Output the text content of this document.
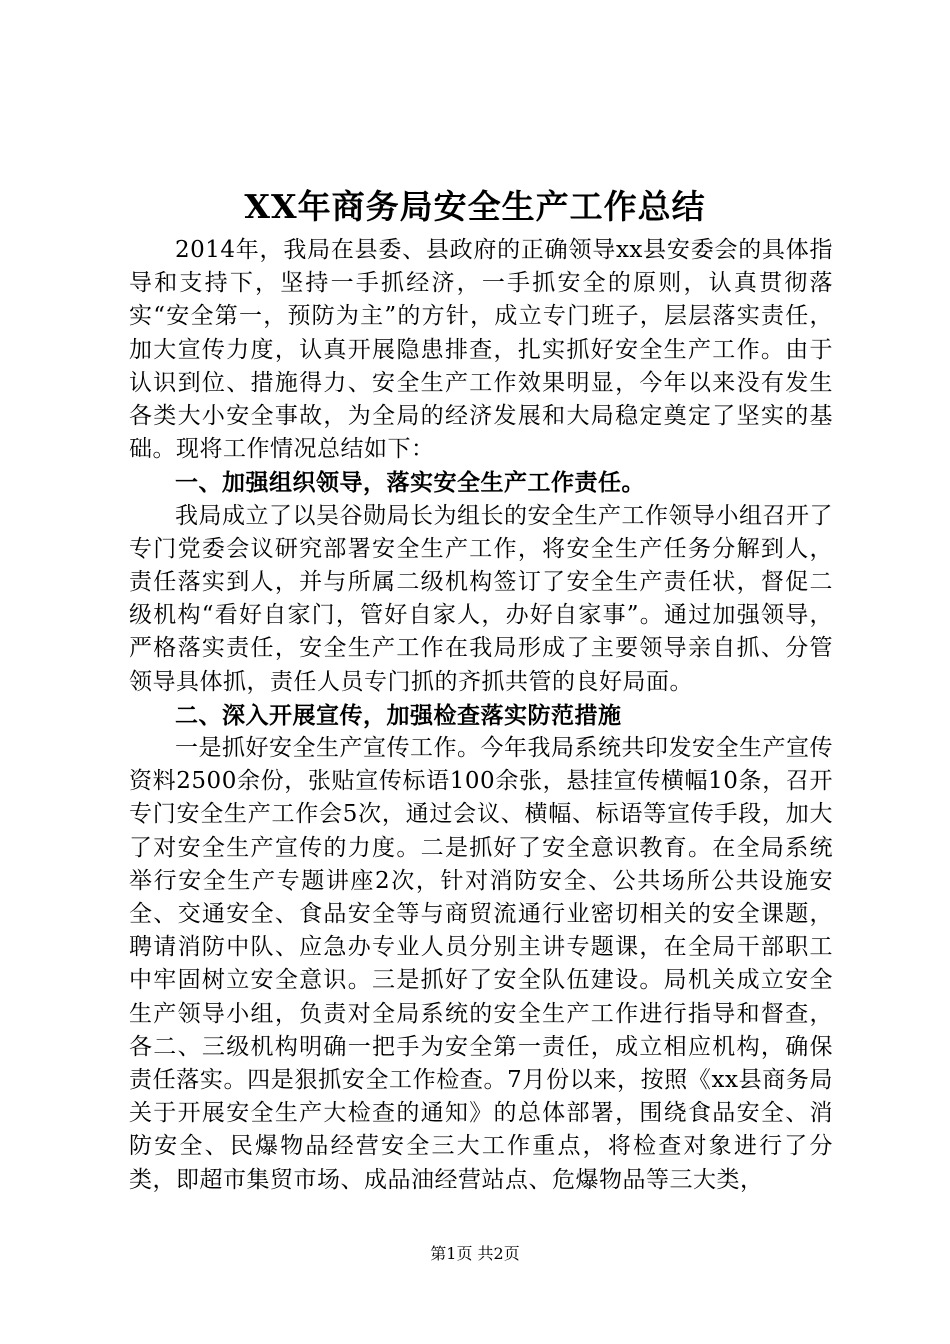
XX年商务局安全生产工作总结

2014年，我局在县委、县政府的正确领导xx县安委会的具体指导和支持下，坚持一手抓经济，一手抓安全的原则，认真贯彻落实“安全第一，预防为主”的方针，成立专门班子，层层落实责任，加大宣传力度，认真开展隐患排查，扎实抓好安全生产工作。由于认识到位、措施得力、安全生产工作效果明显，今年以来没有发生各类大小安全事故，为全局的经济发展和大局稳定奠定了坚实的基础。现将工作情况总结如下：

一、加强组织领导，落实安全生产工作责任。

我局成立了以吴谷勋局长为组长的安全生产工作领导小组召开了专门党委会议研究部署安全生产工作，将安全生产任务分解到人，责任落实到人，并与所属二级机构签订了安全生产责任状，督促二级机构“看好自家门，管好自家人，办好自家事”。通过加强领导，严格落实责任，安全生产工作在我局形成了主要领导亲自抓、分管领导具体抓，责任人员专门抓的齐抓共管的良好局面。

二、深入开展宣传，加强检查落实防范措施

一是抓好安全生产宣传工作。今年我局系统共印发安全生产宣传资料2500余份，张贴宣传标语100余张，悬挂宣传横幅10条，召开专门安全生产工作会5次，通过会议、横幅、标语等宣传手段，加大了对安全生产宣传的力度。二是抓好了安全意识教育。在全局系统举行安全生产专题讲座2次，针对消防安全、公共场所公共设施安全、交通安全、食品安全等与商贸流通行业密切相关的安全课题，聘请消防中队、应急办专业人员分别主讲专题课，在全局干部职工中牢固树立安全意识。三是抓好了安全队伍建设。局机关成立安全生产领导小组，负责对全局系统的安全生产工作进行指导和督查，各二、三级机构明确一把手为安全第一责任，成立相应机构，确保责任落实。四是狠抓安全工作检查。7月份以来，按照《xx县商务局关于开展安全生产大检查的通知》的总体部署，围绕食品安全、消防安全、民爆物品经营安全三大工作重点，将检查对象进行了分类，即超市集贸市场、成品油经营站点、危爆物品等三大类，

第1页 共2页
